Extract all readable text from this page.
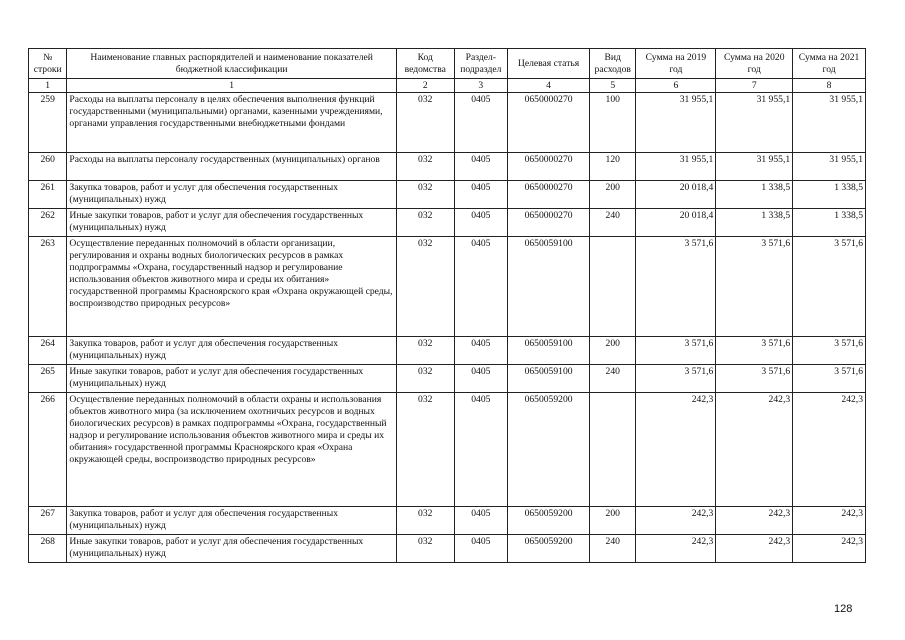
№ строки	Наименование главных распорядителей и наименование показателей бюджетной классификации	Код ведомства	Раздел-подраздел	Целевая статья	Вид расходов	Сумма на 2019 год	Сумма на 2020 год	Сумма на 2021 год
1	1	2	3	4	5	6	7	8
259	Расходы на выплаты персоналу в целях обеспечения выполнения функций государственными (муниципальными) органами, казенными учреждениями, органами управления государственными внебюджетными фондами	032	0405	0650000270	100	31 955,1	31 955,1	31 955,1
260	Расходы на выплаты персоналу государственных (муниципальных) органов	032	0405	0650000270	120	31 955,1	31 955,1	31 955,1
261	Закупка товаров, работ и услуг для обеспечения государственных (муниципальных) нужд	032	0405	0650000270	200	20 018,4	1 338,5	1 338,5
262	Иные закупки товаров, работ и услуг для обеспечения государственных (муниципальных) нужд	032	0405	0650000270	240	20 018,4	1 338,5	1 338,5
263	Осуществление переданных полномочий в области организации, регулирования и охраны водных биологических ресурсов в рамках подпрограммы «Охрана, государственный надзор и регулирование использования объектов животного мира и среды их обитания» государственной программы Красноярского края «Охрана окружающей среды, воспроизводство природных ресурсов»	032	0405	0650059100		3 571,6	3 571,6	3 571,6
264	Закупка товаров, работ и услуг для обеспечения государственных (муниципальных) нужд	032	0405	0650059100	200	3 571,6	3 571,6	3 571,6
265	Иные закупки товаров, работ и услуг для обеспечения государственных (муниципальных) нужд	032	0405	0650059100	240	3 571,6	3 571,6	3 571,6
266	Осуществление переданных полномочий в области охраны и использования объектов животного мира (за исключением охотничьих ресурсов и водных биологических ресурсов) в рамках подпрограммы «Охрана, государственный надзор и регулирование использования объектов животного мира и среды их обитания» государственной программы Красноярского края «Охрана окружающей среды, воспроизводство природных ресурсов»	032	0405	0650059200		242,3	242,3	242,3
267	Закупка товаров, работ и услуг для обеспечения государственных (муниципальных) нужд	032	0405	0650059200	200	242,3	242,3	242,3
268	Иные закупки товаров, работ и услуг для обеспечения государственных (муниципальных) нужд	032	0405	0650059200	240	242,3	242,3	242,3
128
